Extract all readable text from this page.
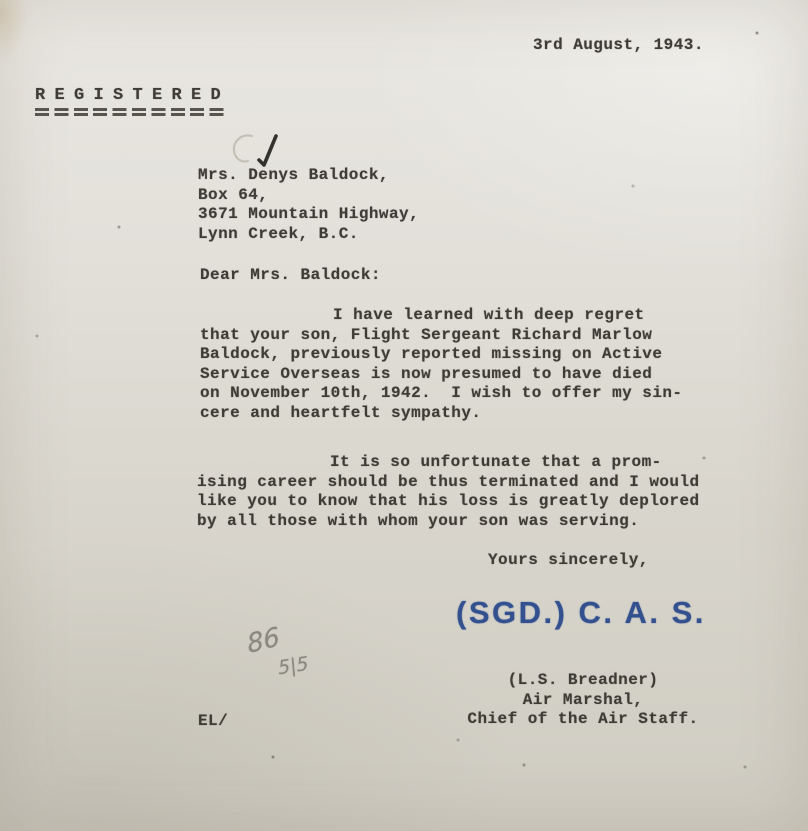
3rd August, 1943.
REGISTERED
Mrs. Denys Baldock,
Box 64,
3671 Mountain Highway,
Lynn Creek, B.C.
Dear Mrs. Baldock:
I have learned with deep regret
that your son, Flight Sergeant Richard Marlow
Baldock, previously reported missing on Active
Service Overseas is now presumed to have died
on November 10th, 1942.  I wish to offer my sin-
cere and heartfelt sympathy.
It is so unfortunate that a prom-
ising career should be thus terminated and I would
like you to know that his loss is greatly deplored
by all those with whom your son was serving.
Yours sincerely,
(SGD.) C. A. S.
(L.S. Breadner)
Air Marshal,
Chief of the Air Staff.
86
5|5
EL/
